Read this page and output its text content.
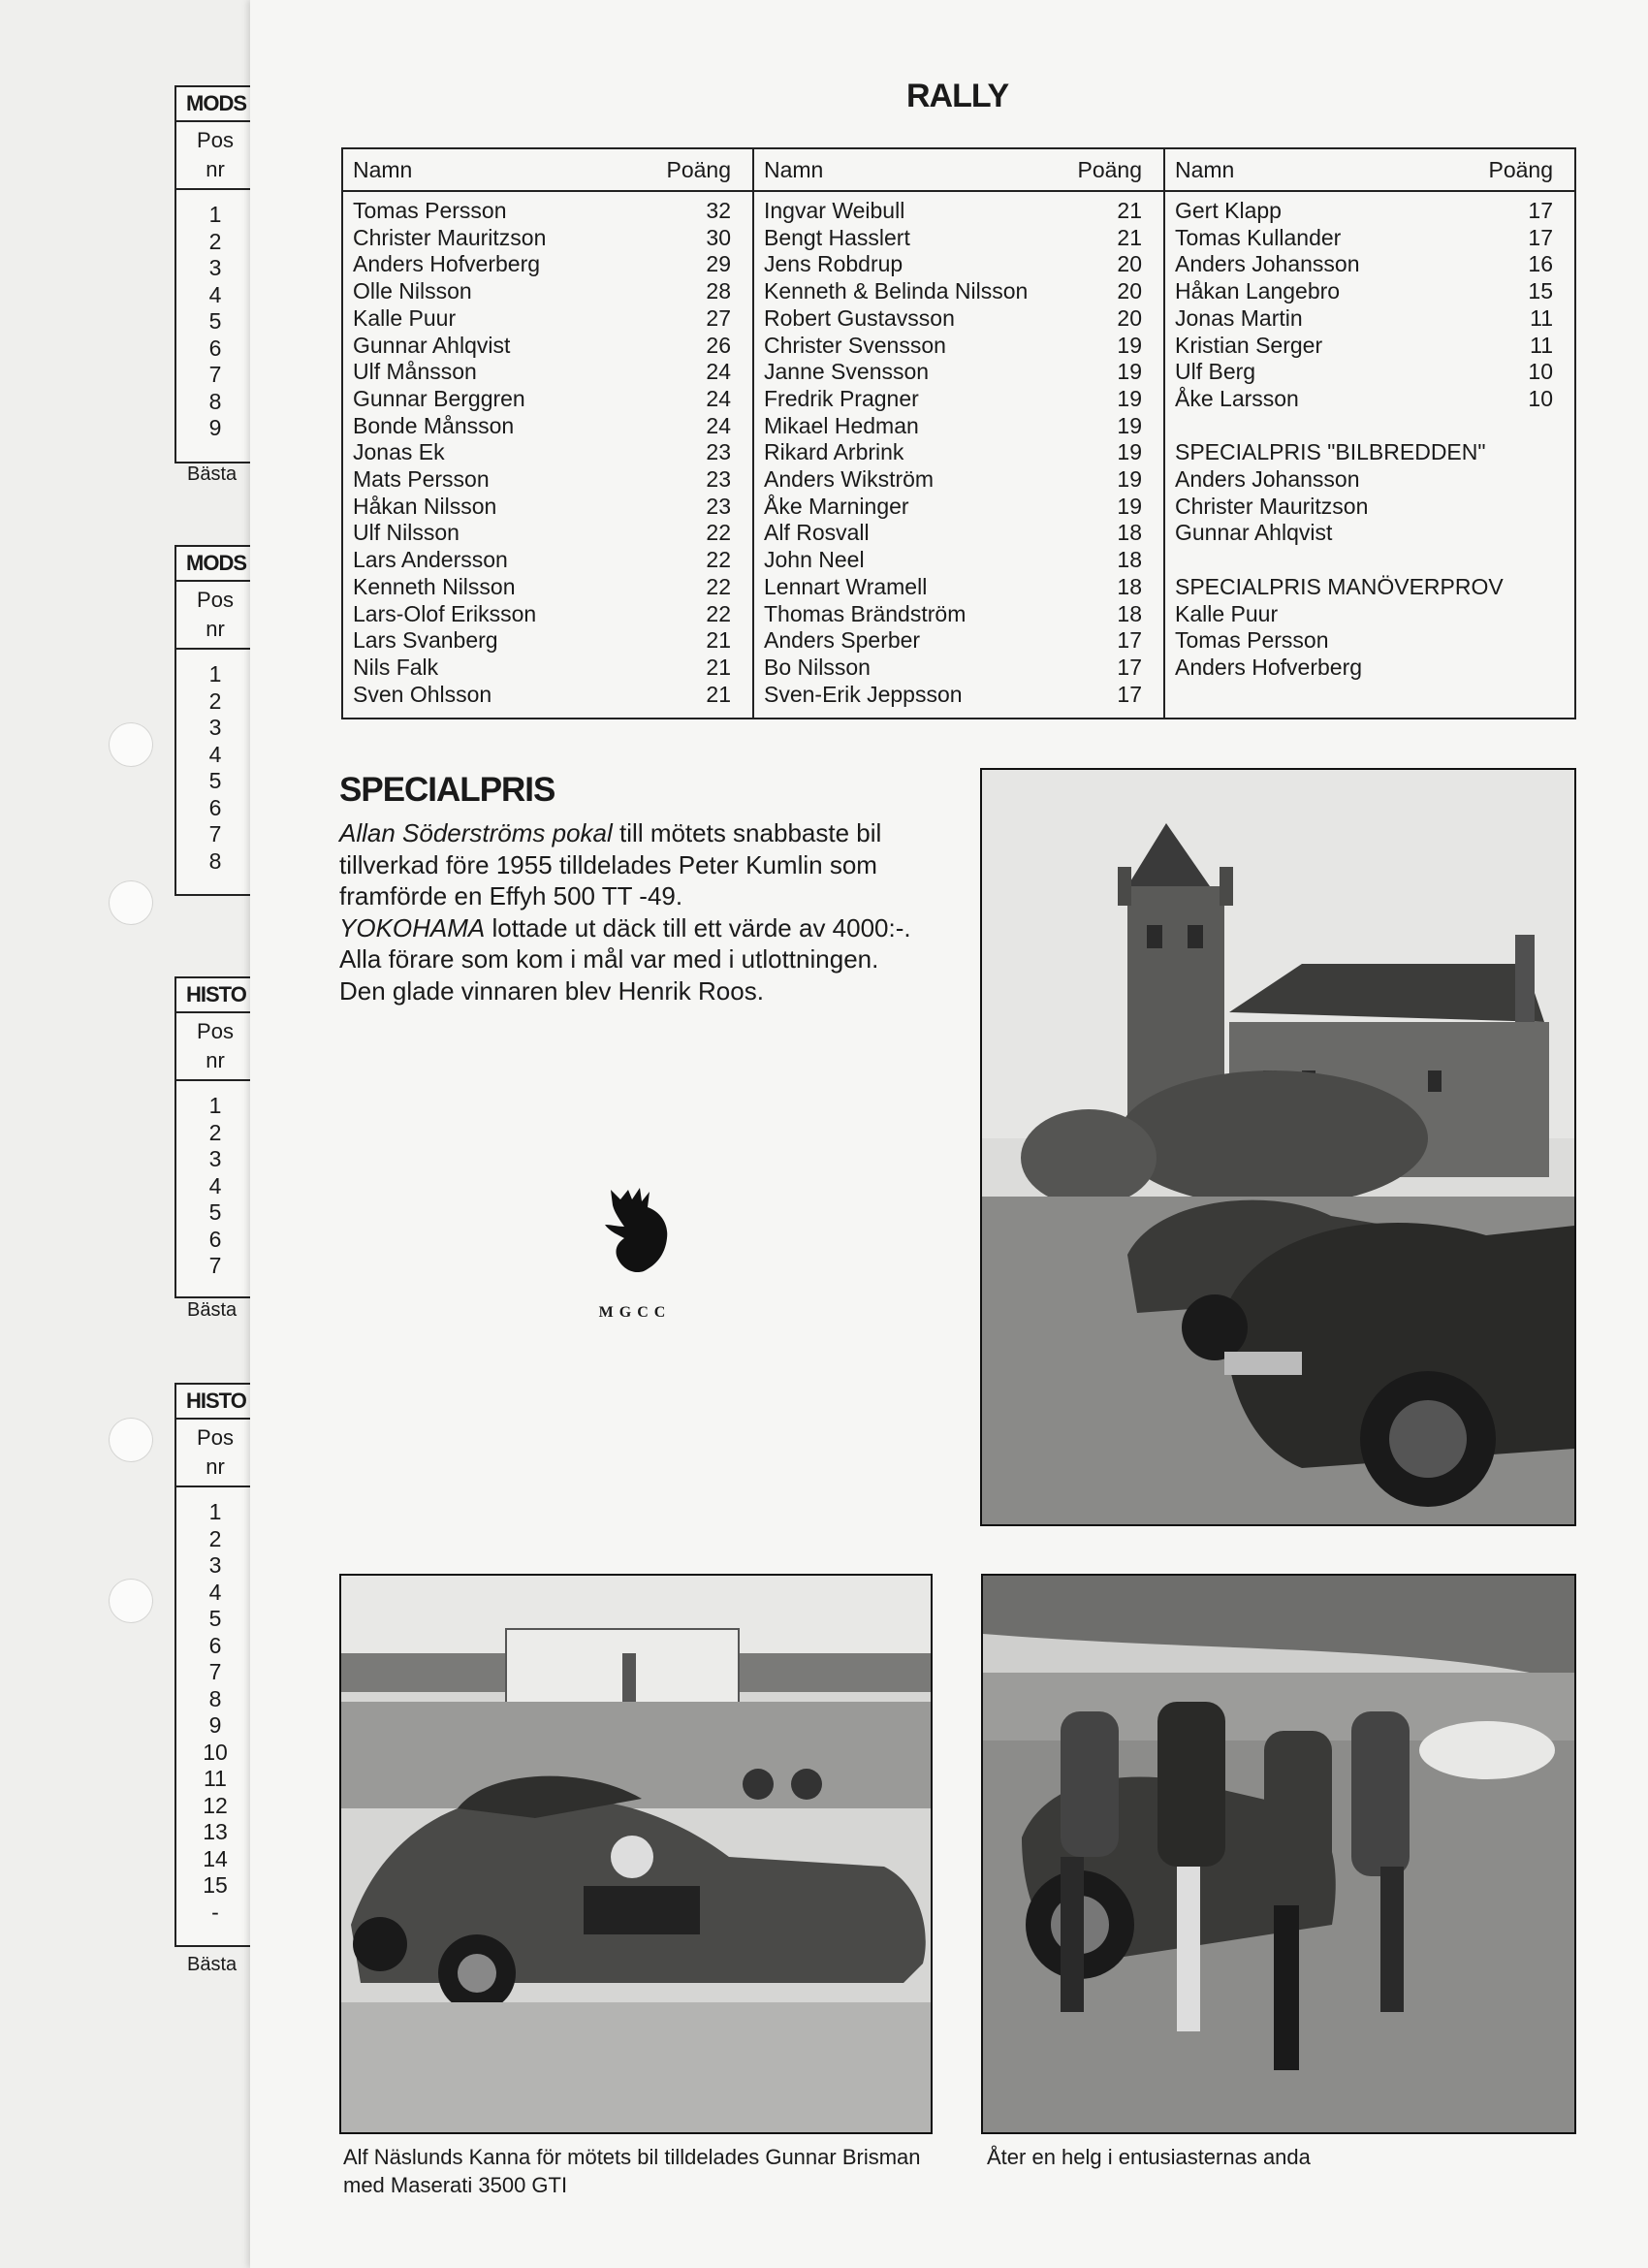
MODS
Pos
nr
1
2
3
4
5
6
7
8
9
Bästa
MODS
Pos
nr
1
2
3
4
5
6
7
8
HISTO
Pos
nr
1
2
3
4
5
6
7
Bästa
HISTO
Pos
nr
1
2
3
4
5
6
7
8
9
10
11
12
13
14
15
-
Bästa
RALLY
Namn	Poäng
Tomas Persson	32
Christer Mauritzson	30
Anders Hofverberg	29
Olle Nilsson	28
Kalle Puur	27
Gunnar Ahlqvist	26
Ulf Månsson	24
Gunnar Berggren	24
Bonde Månsson	24
Jonas Ek	23
Mats Persson	23
Håkan Nilsson	23
Ulf Nilsson	22
Lars Andersson	22
Kenneth Nilsson	22
Lars-Olof Eriksson	22
Lars Svanberg	21
Nils Falk	21
Sven Ohlsson	21
Namn	Poäng
Ingvar Weibull	21
Bengt Hasslert	21
Jens Robdrup	20
Kenneth & Belinda Nilsson	20
Robert Gustavsson	20
Christer Svensson	19
Janne Svensson	19
Fredrik Pragner	19
Mikael Hedman	19
Rikard Arbrink	19
Anders Wikström	19
Åke Marninger	19
Alf Rosvall	18
John Neel	18
Lennart Wramell	18
Thomas Brändström	18
Anders Sperber	17
Bo Nilsson	17
Sven-Erik Jeppsson	17
Namn	Poäng
Gert Klapp	17
Tomas Kullander	17
Anders Johansson	16
Håkan Langebro	15
Jonas Martin	11
Kristian Serger	11
Ulf Berg	10
Åke Larsson	10
SPECIALPRIS "BILBREDDEN"
Anders Johansson
Christer Mauritzson
Gunnar Ahlqvist
SPECIALPRIS MANÖVERPROV
Kalle Puur
Tomas Persson
Anders Hofverberg
SPECIALPRIS
Allan Söderströms pokal till mötets snabbaste bil tillverkad före 1955 tilldelades Peter Kumlin som framförde en Effyh 500 TT -49.
YOKOHAMA lottade ut däck till ett värde av 4000:-. Alla förare som kom i mål var med i utlottningen. Den glade vinnaren blev Henrik Roos.
MGCC
Alf Näslunds Kanna för mötets bil tilldelades Gunnar Brisman med Maserati 3500 GTI
Åter en helg i entusiasternas anda
